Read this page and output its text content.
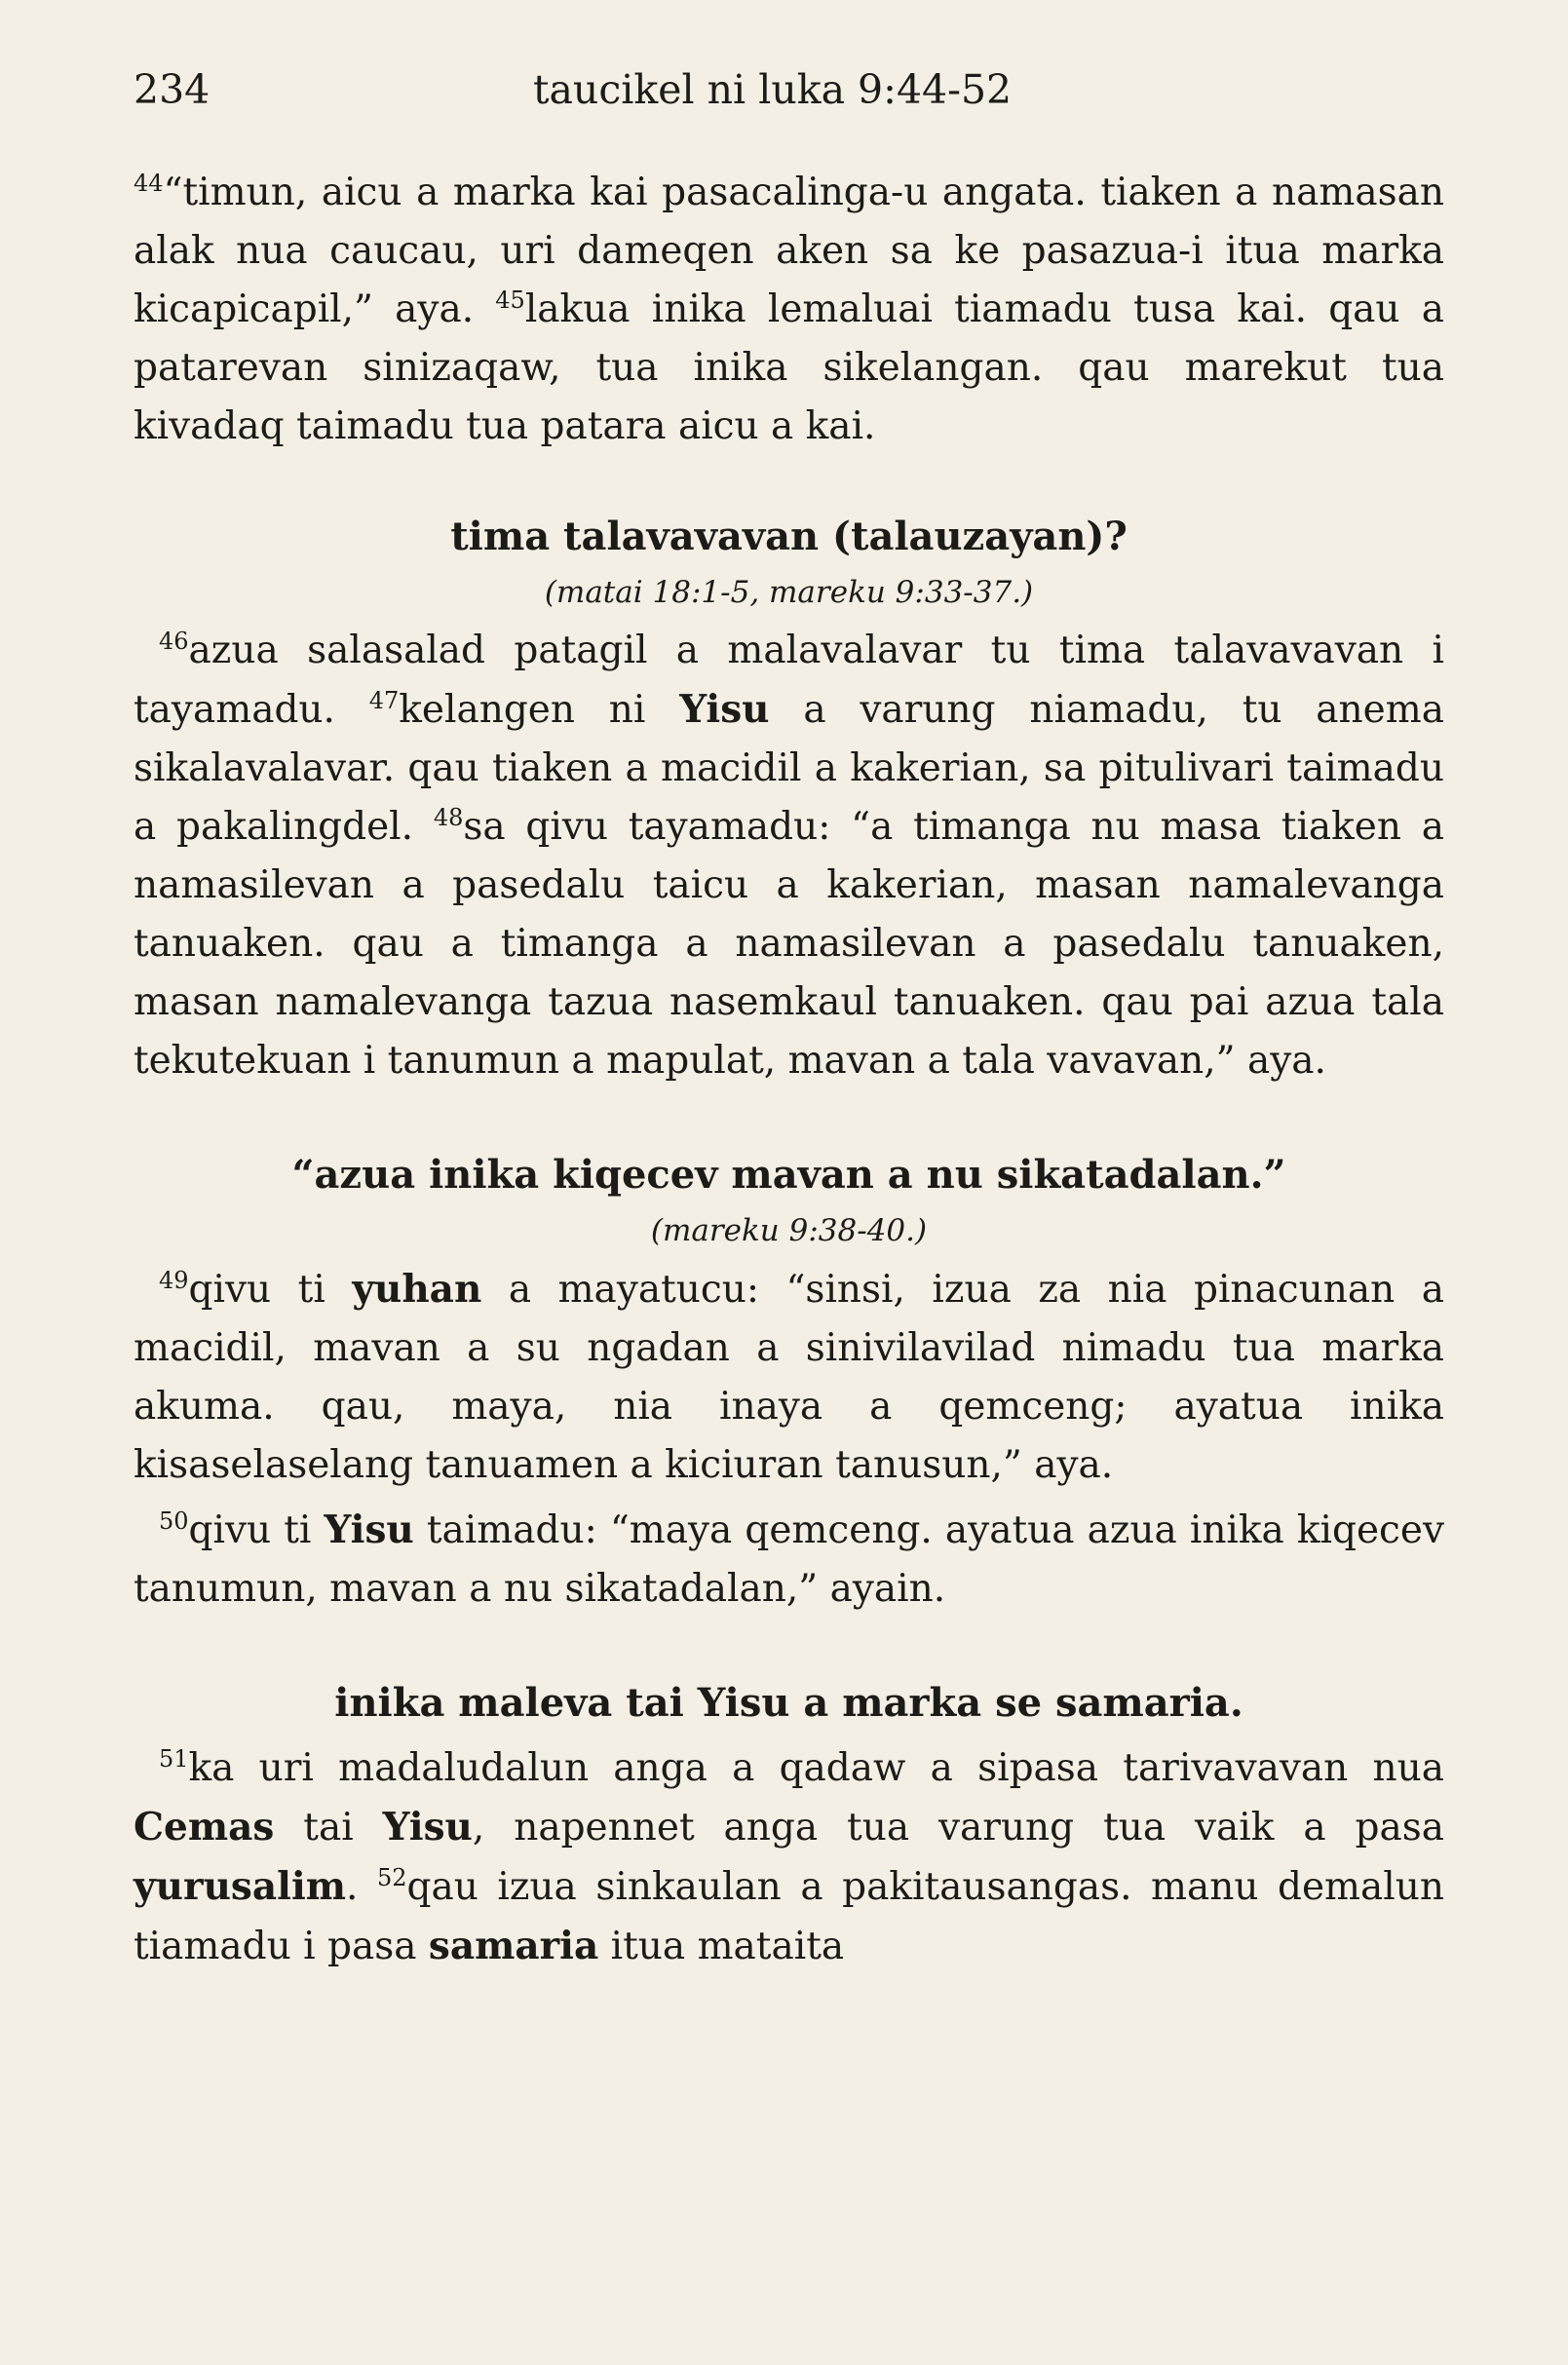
234	taucikel ni luka 9:44-52

$^{44}$“timun, aicu a marka kai pasacalinga-u angata. tiaken a namasan alak nua caucau, uri dameqen aken sa ke pasazua-i itua marka kicapicapil,” aya. $^{45}$lakua inika lemaluai tiamadu tusa kai. qau a patarevan sinizaqaw, tua inika sikelangan. qau marekut tua kivadaq taimadu tua patara aicu a kai.

tima talavavavan (talauzayan)?

(matai 18:1-5, mareku 9:33-37.)

$^{46}$azua salasalad patagil a malavalavar tu tima talavavavan i tayamadu. $^{47}$kelangen ni Yisu a varung niamadu, tu anema sikalavalavar. qau tiaken a macidil a kakerian, sa pitulivari taimadu a pakalingdel. $^{48}$sa qivu tayamadu: “a timanga nu masa tiaken a namasilevan a pasedalu taicu a kakerian, masan namalevanga tanuaken. qau a timanga a namasilevan a pasedalu tanuaken, masan namalevanga tazua nasemkaul tanuaken. qau pai azua tala tekutekuan i tanumun a mapulat, mavan a tala vavavan,” aya.

“azua inika kiqecev mavan a nu sikatadalan.”

(mareku 9:38-40.)

$^{49}$qivu ti yuhan a mayatucu: “sinsi, izua za nia pinacunan a macidil, mavan a su ngadan a sinivilavilad nimadu tua marka akuma. qau, maya, nia inaya a qemceng; ayatua inika kisaselaselang tanuamen a kiciuran tanusun,” aya.

$^{50}$qivu ti Yisu taimadu: “maya qemceng. ayatua azua inika kiqecev tanumun, mavan a nu sikatadalan,” ayain.

inika maleva tai Yisu a marka se samaria.

$^{51}$ka uri madaludalun anga a qadaw a sipasa tarivavavan nua Cemas tai Yisu, napennet anga tua varung tua vaik a pasa yurusalim. $^{52}$qau izua sinkaulan a pakitausangas. manu demalun tiamadu i pasa samaria itua mataita
